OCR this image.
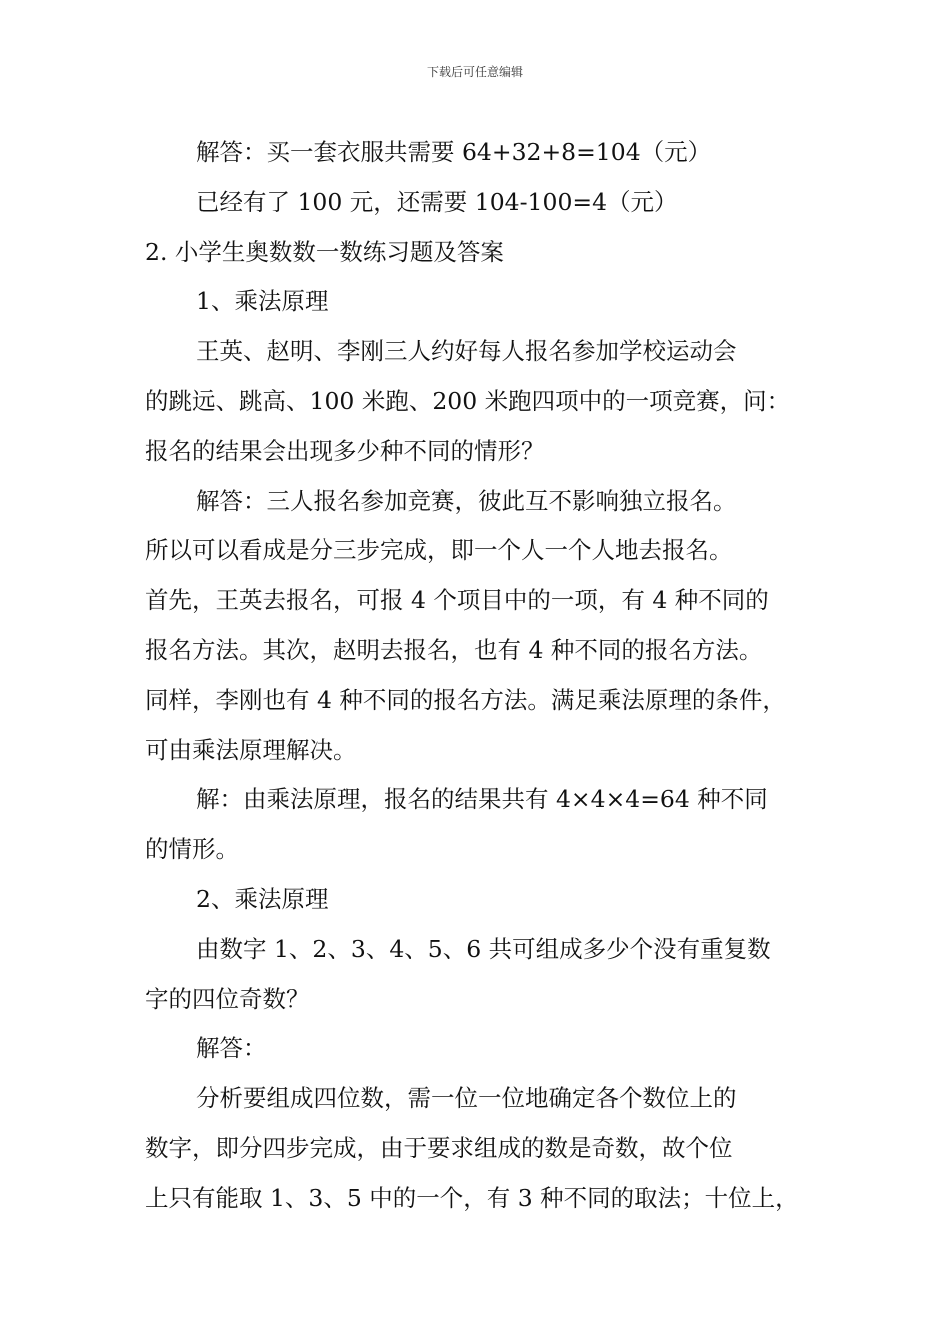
下载后可任意编辑
解答：买一套衣服共需要 64+32+8=104（元）
已经有了 100 元，还需要 104-100=4（元）
2. 小学生奥数数一数练习题及答案
1、乘法原理
王英、赵明、李刚三人约好每人报名参加学校运动会
的跳远、跳高、100 米跑、200 米跑四项中的一项竞赛，问：
报名的结果会出现多少种不同的情形？
解答：三人报名参加竞赛，彼此互不影响独立报名。
所以可以看成是分三步完成，即一个人一个人地去报名。
首先，王英去报名，可报 4 个项目中的一项，有 4 种不同的
报名方法。其次，赵明去报名，也有 4 种不同的报名方法。
同样，李刚也有 4 种不同的报名方法。满足乘法原理的条件，
可由乘法原理解决。
解：由乘法原理，报名的结果共有 4×4×4=64 种不同
的情形。
2、乘法原理
由数字 1、2、3、4、5、6 共可组成多少个没有重复数
字的四位奇数？
解答：
分析要组成四位数，需一位一位地确定各个数位上的
数字，即分四步完成，由于要求组成的数是奇数，故个位
上只有能取 1、3、5 中的一个，有 3 种不同的取法；十位上，
